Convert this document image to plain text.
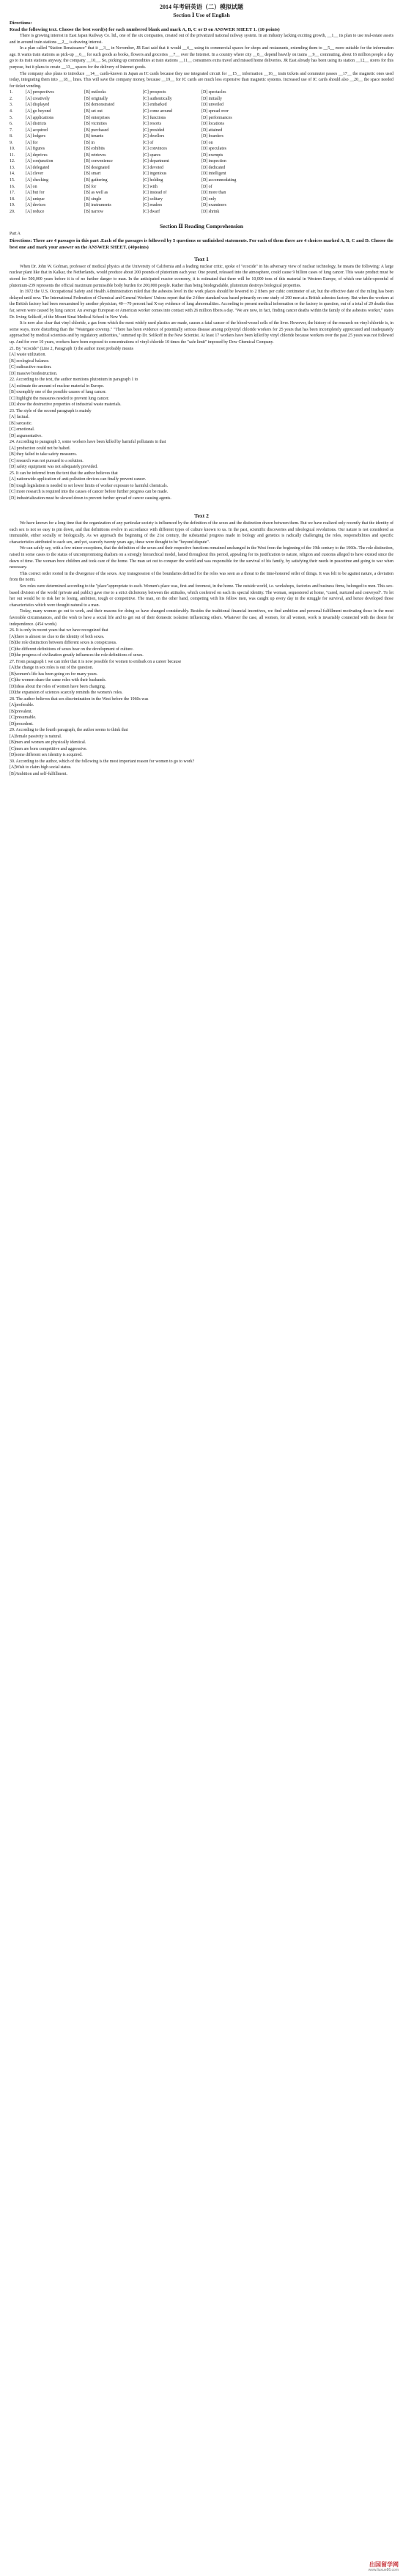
2014 年考研英语（二）模拟试题

Section Ⅰ Use of English

Directions:

Read the following text. Choose the best word(s) for each numbered blank and mark A, B, C or D on ANSWER SHEET 1. (10 points)

There is growing interest in East Japan Railway Co. ltd., one of the six companies, created out of the privatized national railway system. In an industry lacking exciting growth, __1__ its plan to use real-estate assets and in around train stations __2__ is drawing interest.

In a plan called "Station Renaissance" that it __3__ in November, JR East said that it would __4__ using its commercial spaces for shops and restaurants, extending them to __5__ more suitable for the information age. It wants train stations as pick-up __6__ for such goods as books, flowers and groceries __7__ over the Internet. In a country where city __8__ depend heavily on trains __9__ commuting, about 16 million people a day go to its train stations anyway, the company __10__. So, picking up commodities at train stations __11__ consumers extra travel and missed home deliveries. JR East already has been using its station __12__ stores for this purpose, but it plans to create __13__ spaces for the delivery of Internet goods.

The company also plans to introduce __14__ cards-known in Japan as IC cards because they use integrated circuit for __15__ information __16__ train tickets and commuter passes __17__ the magnetic ones used today, integrating them into __18__ lines. This will save the company money, because __19__ for IC cards are much less expensive than magnetic systems. Increased use of IC cards should also __20__ the space needed for ticket vending.

1.	[A] perspectives	[B] outlooks	[C] prospects	[D] spectacles
2.	[A] creatively	[B] originally	[C] authentically	[D] initially
3.	[A] displayed	[B] demonstrated	[C] embarked	[D] unveiled
4.	[A] go beyond	[B] set out	[C] come around	[D] spread over
5.	[A] applications	[B] enterprises	[C] functions	[D] performances
6.	[A] districts	[B] vicinities	[C] resorts	[D] locations
7.	[A] acquired	[B] purchased	[C] presided	[D] attained
8.	[A] lodgers	[B] tenants	[C] dwellers	[D] boarders
9.	[A] for	[B] in	[C] of	[D] on
10.	[A] figures	[B] exhibits	[C] convinces	[D] speculates
11.	[A] deprives	[B] retrieves	[C] spares	[D] exempts
12.	[A] conjunction	[B] convenience	[C] department	[D] inspection
13.	[A] delegated	[B] designated	[C] devoted	[D] dedicated
14.	[A] clever	[B] smart	[C] ingenious	[D] intelligent
15.	[A] checking	[B] gathering	[C] holding	[D] accommodating
16.	[A] on	[B] for	[C] with	[D] of
17.	[A] but for	[B] as well as	[C] instead of	[D] more than
18.	[A] unique	[B] single	[C] solitary	[D] only
19.	[A] devices	[B] instruments	[C] readers	[D] examiners
20.	[A] reduce	[B] narrow	[C] dwarf	[D] shrink

Section Ⅱ Reading Comprehension

Part A

Directions: There are 4 passages in this part .Each of the passages is followed by 5 questions or unfinished statements. For each of them there are 4 choices marked A, B, C and D. Choose the best one and mark your answer on the ANSWER SHEET. (40points)

Text 1

When Dr. John W. Gofman, professor of medical physics at the University of California and a leading nuclear critic, spoke of "ecocide" in his adversary view of nuclear technology, he means the following: A large nuclear plant like that in Kalkar, the Netherlands, would produce about 200 pounds of plutonium each year. One pound, released into the atmosphere, could cause 9 billion cases of lung cancer. This waste product must be stored for 500,000 years before it is of no further danger to man. In the anticipated reactor economy, it is estimated that there will be 10,000 tons of this material in Western Europe, of which one table-spoonful of plutonium-239 represents the official maximum permissible body burden for 200,000 people. Rather than being biodegradable, plutonium destroys biological properties.

In 1972 the U.S. Occupational Safety and Health Administration ruled that the asbestos level in the work places should be lowered to 2 fibers per cubic centimeter of air, but the effective date of the ruling has been delayed until now. The International Federation of Chemical and General Workers' Unions report that the 2-fiber standard was based primarily on one study of 290 men at a British asbestos factory. But when the workers at the British factory had been reexamined by another physician, 40—70 percent had X-ray evidence of lung abnormalities. According to present medical information or the factory in question, out of a total of 29 deaths thus far, seven were caused by lung cancer. An average European or American worker comes into contact with 26 million fibers a day. "We are now, in fact, finding cancer deaths within the family of the asbestos worker," states Dr. Irving Selikoff, of the Mount Sinai Medical School in New York.

It is now also clear that vinyl chloride, a gas from which the most widely used plastics are made, causes a fatal cancer of the blood-vessel cells of the liver. However, the history of the research on vinyl chloride is, in some ways, more disturbing than the "Watergate coverup." "There has been evidence of potentially serious disease among polyvinyl chloride workers for 25 years that has been incompletely appreciated and inadequately approached by medical scientists and by regulatory authorities," summed up Dr. Selikoff in the New Scientist. At least 17 workers have been killed by vinyl chloride because workers over the past 25 years was not followed up. And for over 10 years, workers have been exposed to concentrations of vinyl chloride 10 times the "safe limit" imposed by Dow Chemical Company.

21. By "ecocide" (Line 2, Paragraph 1) the author most probably means

[A] waste utilization.

[B] ecological balance.

[C] radioactive reaction.

[D] massive biodestruction.

22. According to the text, the author mentions plutonium in paragraph 1 to

[A] estimate the amount of nuclear material in Europe.

[B] exemplify one of the possible causes of lung cancer.

[C] highlight the measures needed to prevent lung cancer.

[D] show the destructive properties of industrial waste materials.

23. The style of the second paragraph is mainly

[A] factual.

[B] sarcastic.

[C] emotional.

[D] argumentative.

24. According to paragraph 3, some workers have been killed by harmful pollutants in that

[A] production could not be halted.

[B] they failed to take safety measures.

[C] research was not pursued to a solution.

[D] safety equipment was not adequately provided.

25. It can be inferred from the text that the author believes that

[A] nationwide application of anti-pollution devices can finally prevent cancer.

[B] tough legislation is needed to set lower limits of worker exposure to harmful chemicals.

[C] more research is required into the causes of cancer before further progress can be made.

[D] industrialization must be slowed down to prevent further spread of cancer causing agents.

Text 2

We have known for a long time that the organization of any particular society is influenced by the definition of the sexes and the distinction drawn between them. But we have realized only recently that the identity of each sex is not so easy to pin down, and that definitions evolve in accordance with different types of culture known to us. In the past, scientific discoveries and ideological revolutions. Our nature is not considered as immutable, either socially or biologically. As we approach the beginning of the 21st century, the substantial progress made in biology and genetics is radically challenging the roles, responsibilities and specific characteristics attributed to each sex, and yet, scarcely twenty years ago, these were thought to be "beyond dispute".

We can safely say, with a few minor exceptions, that the definition of the sexes and their respective functions remained unchanged in the West from the beginning of the 19th century to the 1960s. The role distinction, raised in some cases to the status of uncompromising dualism on a strongly hierarchical model, lasted throughout this period, appealing for its justification to nature, religion and customs alleged to have existed since the dawn of time. The woman bore children and took care of the home. The man set out to conquer the world and was responsible for the survival of his family, by satisfying their needs in peacetime and going to war when necessary.

This correct order rooted in the divergence of the sexes. Any transgression of the boundaries defined for the roles was seen as a threat to the time-honored order of things. It was felt to be against nature, a deviation from the norm.

Sex roles were determined according to the "place"appropriate to each. Women's place was, first and foremost, in the home. The outside world, i.e. workshops, factories and business firms, belonged to men. This sex-based division of the world (private and public) gave rise to a strict dichotomy between the attitudes, which conferred on each its special identity. The woman, sequestered at home, "cared, nurtured and conveyed". To let her out would be to risk her to losing, ambition, tough or competitive. The man, on the other hand, competing with his fellow men, was caught up every day in the struggle for survival, and hence developed those characteristics which were thought natural to a man.

Today, many women go out to work, and their reasons for doing so have changed considerably. Besides the traditional financial incentives, we find ambition and personal fulfillment motivating those in the most favorable circumstances, and the wish to have a social life and to get out of their domestic isolation influencing others. Whatever the case, all women, for all women, work is invariably connected with the desire for independence. (454 words)

26. It is only in recent years that we have recognized that

[A]there is almost no clue to the identity of both sexes.

[B]the role distinction between different sexes is conspicuous.

[C]the different definitions of sexes bear on the development of culture.

[D]the progress of civilization greatly influences the role definitions of sexes.

27. From paragraph 1 we can infer that it is now possible for women to embark on a career because

[A]the change in sex roles is out of the question.

[B]women's life has been going on for many years.

[C]the women share the same roles with their husbands.

[D]ideas about the roles of women have been changing.

[D]the expansion of sciences scarcely reminds the women's roles.

28. The author believes that sex discrimination in the West before the 1960s was

[A]preferable.

[B]prevalent.

[C]presumable.

[D]precedent.

29. According to the fourth paragraph, the author seems to think that

[A]female passivity is natural.

[B]men and women are physically identical.

[C]men are born competitive and aggressive.

[D]some different sex identity is acquired.

30. According to the author, which of the following is the most important reason for women to go to work?

[A]Wish to claim high social status.

[B]Ambition and self-fulfillment.

出国留学网
www.liuxue86.com
